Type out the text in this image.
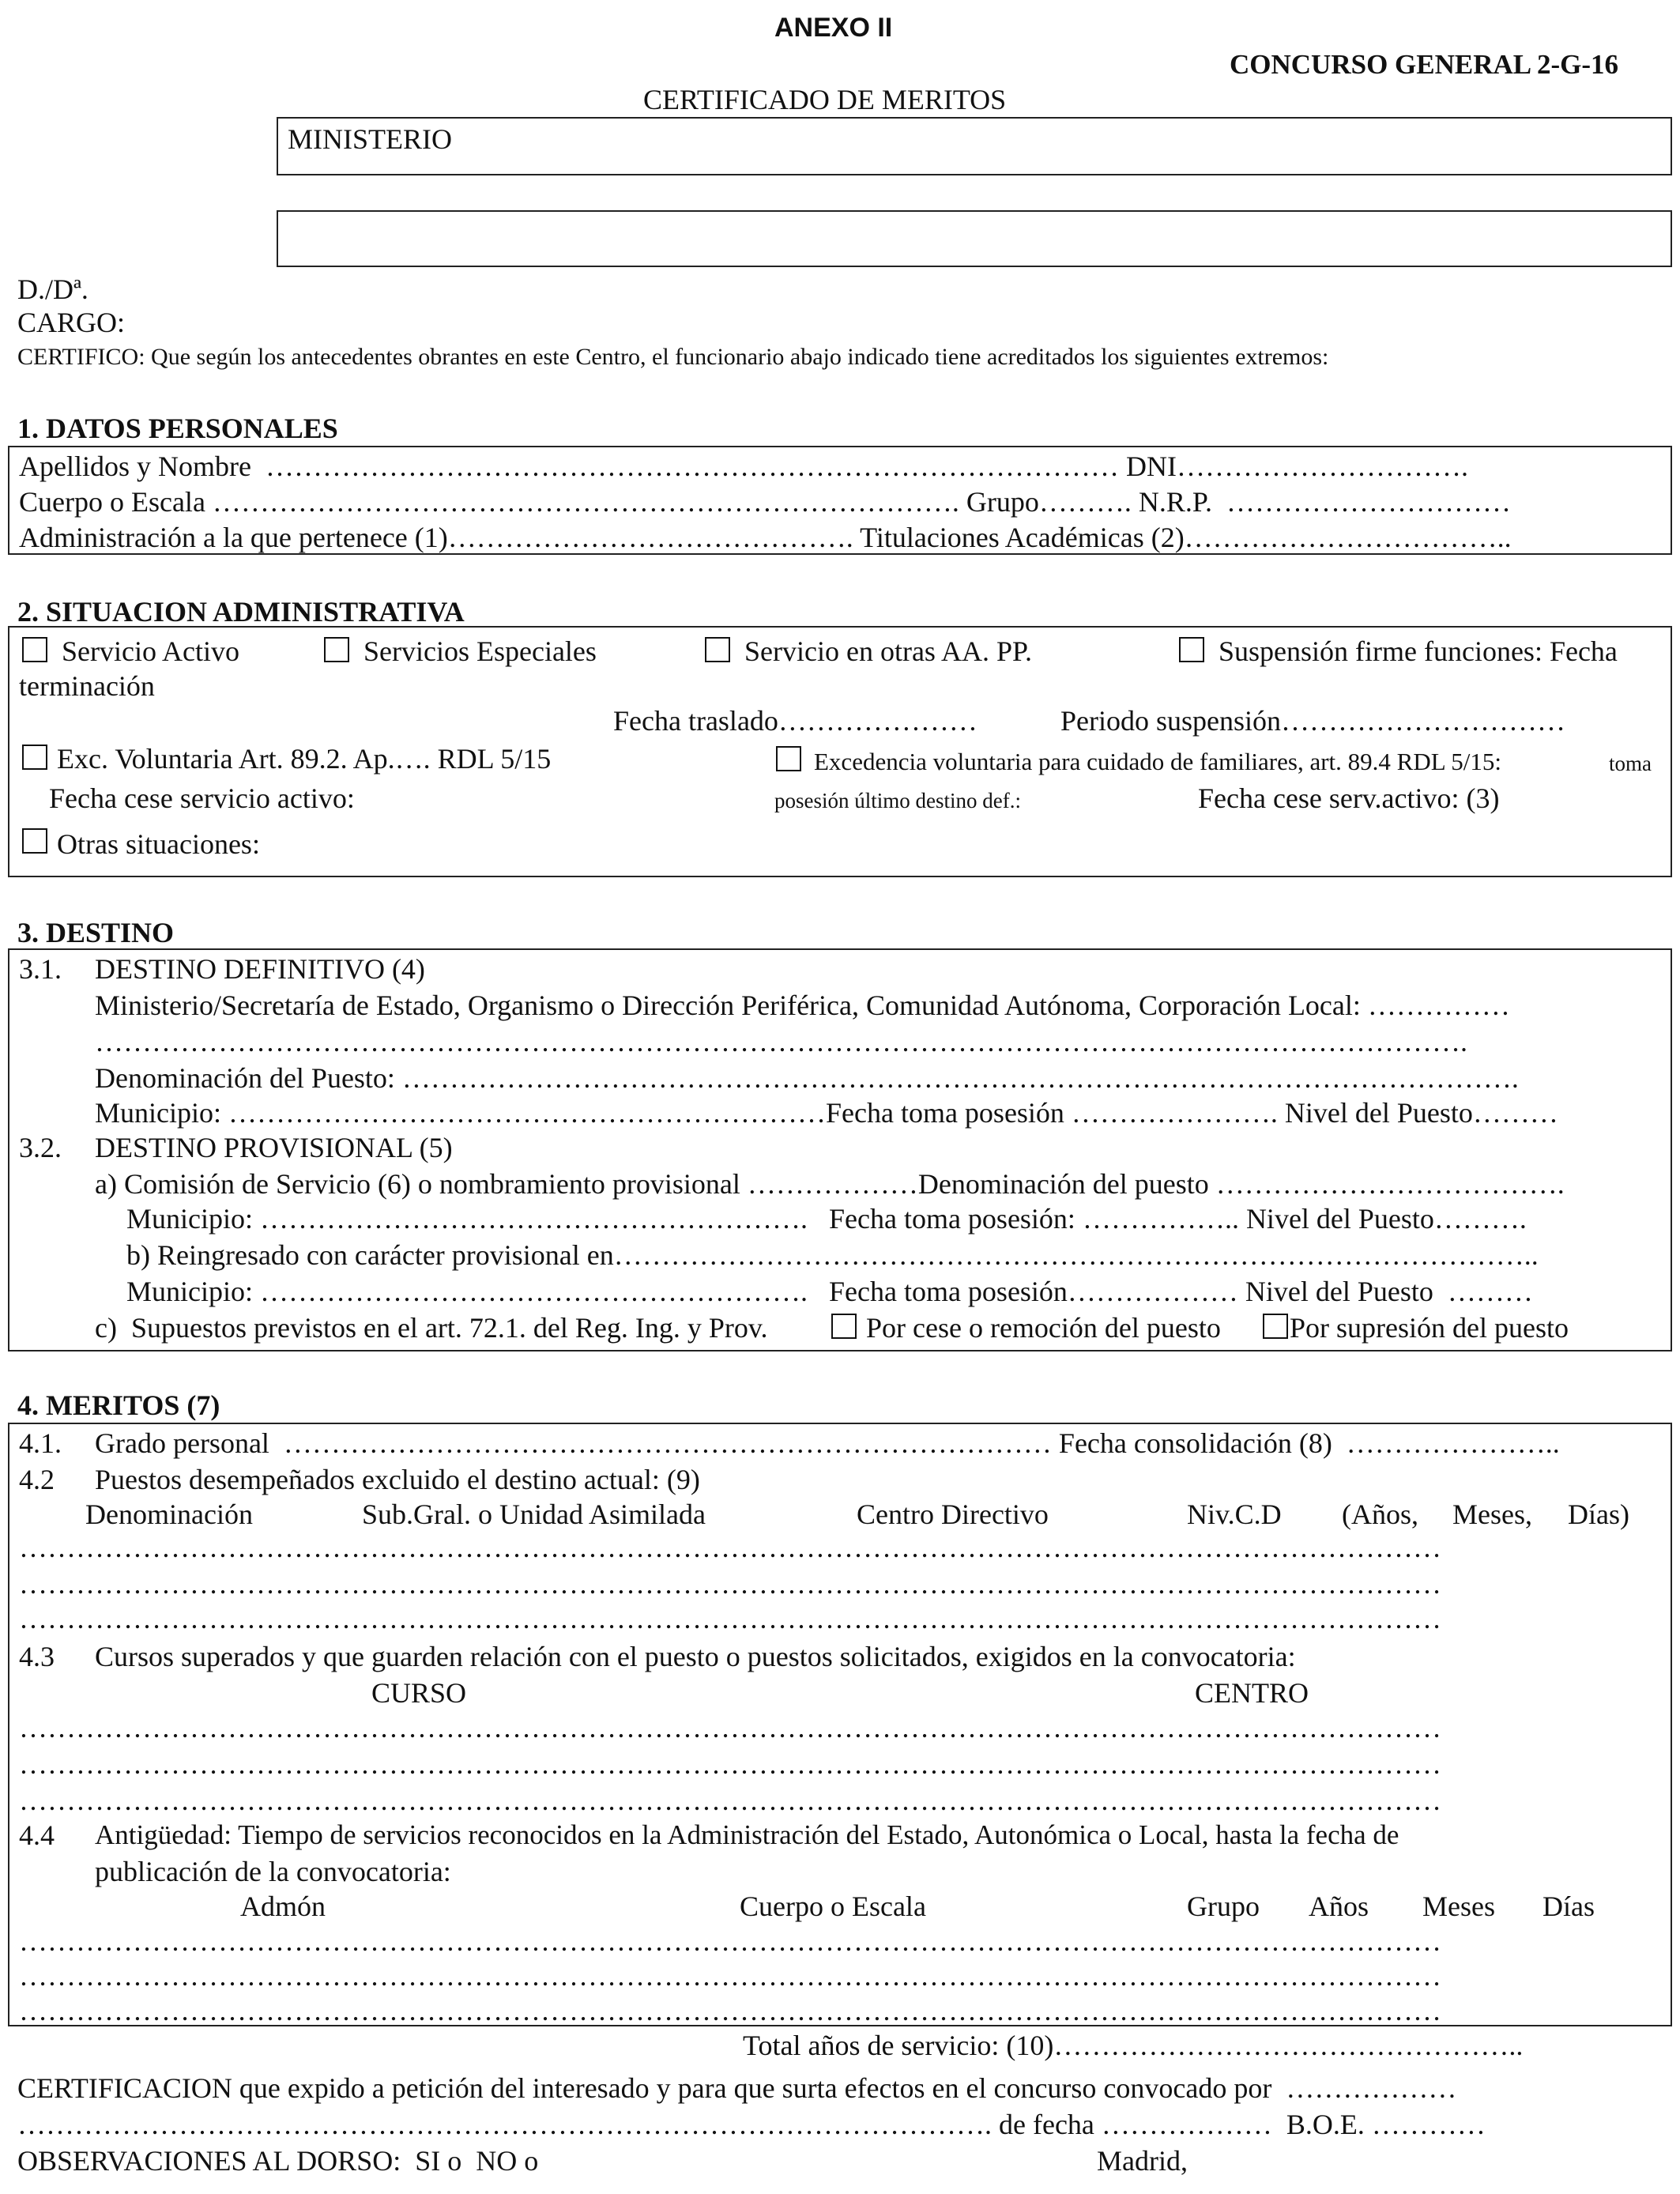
ANEXO II
CONCURSO GENERAL 2-G-16
CERTIFICADO DE MERITOS
MINISTERIO
D./Dª.
CARGO:
CERTIFICO: Que según los antecedentes obrantes en este Centro, el funcionario abajo indicado tiene acreditados los siguientes extremos:
1. DATOS PERSONALES
Apellidos y Nombre  ……………………………………………………………………………… DNI………………………….
Cuerpo o Escala ……………………………………………………………………. Grupo………. N.R.P.  …………………………
Administración a la que pertenece (1)……………………………………. Titulaciones Académicas (2)……………………………..
2. SITUACION ADMINISTRATIVA
Servicio Activo	Servicios Especiales	Servicio en otras AA. PP.	Suspensión firme funciones: Fecha
terminación
Fecha traslado…………………	Periodo suspensión…………………………
Exc. Voluntaria Art. 89.2. Ap.…. RDL 5/15	Excedencia voluntaria para cuidado de familiares, art. 89.4 RDL 5/15:	toma
Fecha cese servicio activo:	posesión último destino def.:	Fecha cese serv.activo: (3)
Otras situaciones:
3. DESTINO
3.1. DESTINO DEFINITIVO (4)
Ministerio/Secretaría de Estado, Organismo o Dirección Periférica, Comunidad Autónoma, Corporación Local: ……………
……………………………………………………………………………………………………………………………….
Denominación del Puesto: ……………………………………………………………………………………………………….
Municipio: ………………………………………………………Fecha toma posesión …………………. Nivel del Puesto………
3.2. DESTINO PROVISIONAL (5)
a) Comisión de Servicio (6) o nombramiento provisional ………………Denominación del puesto ……………………………….
Municipio: ………………………………………………….   Fecha toma posesión: …………….. Nivel del Puesto……….
b) Reingresado con carácter provisional en……………………………………………………………………………………..
Municipio: ………………………………………………….   Fecha toma posesión……………… Nivel del Puesto  ………
c)  Supuestos previstos en el art. 72.1. del Reg. Ing. y Prov.	Por cese o remoción del puesto Por supresión del puesto
4. MERITOS (7)
4.1. Grado personal  ……………………………………………………………………… Fecha consolidación (8)  …………………..
4.2 Puestos desempeñados excluido el destino actual: (9)
Denominación	Sub.Gral. o Unidad Asimilada	Centro Directivo	Niv.C.D (Años, Meses, Días)
……………………………………………………………………………………………………………………………………
……………………………………………………………………………………………………………………………………
……………………………………………………………………………………………………………………………………
4.3 Cursos superados y que guarden relación con el puesto o puestos solicitados, exigidos en la convocatoria:
CURSO	CENTRO
……………………………………………………………………………………………………………………………………
……………………………………………………………………………………………………………………………………
……………………………………………………………………………………………………………………………………
4.4 Antigüedad: Tiempo de servicios reconocidos en la Administración del Estado, Autonómica o Local, hasta la fecha de
publicación de la convocatoria:
Admón	Cuerpo o Escala	Grupo Años Meses Días
……………………………………………………………………………………………………………………………………
……………………………………………………………………………………………………………………………………
……………………………………………………………………………………………………………………………………
Total años de servicio: (10)…………………………………………..
CERTIFICACION que expido a petición del interesado y para que surta efectos en el concurso convocado por  ………………
…………………………………………………………………………………………. de fecha ………………  B.O.E. …………
OBSERVACIONES AL DORSO:  SI o  NO o	Madrid,
